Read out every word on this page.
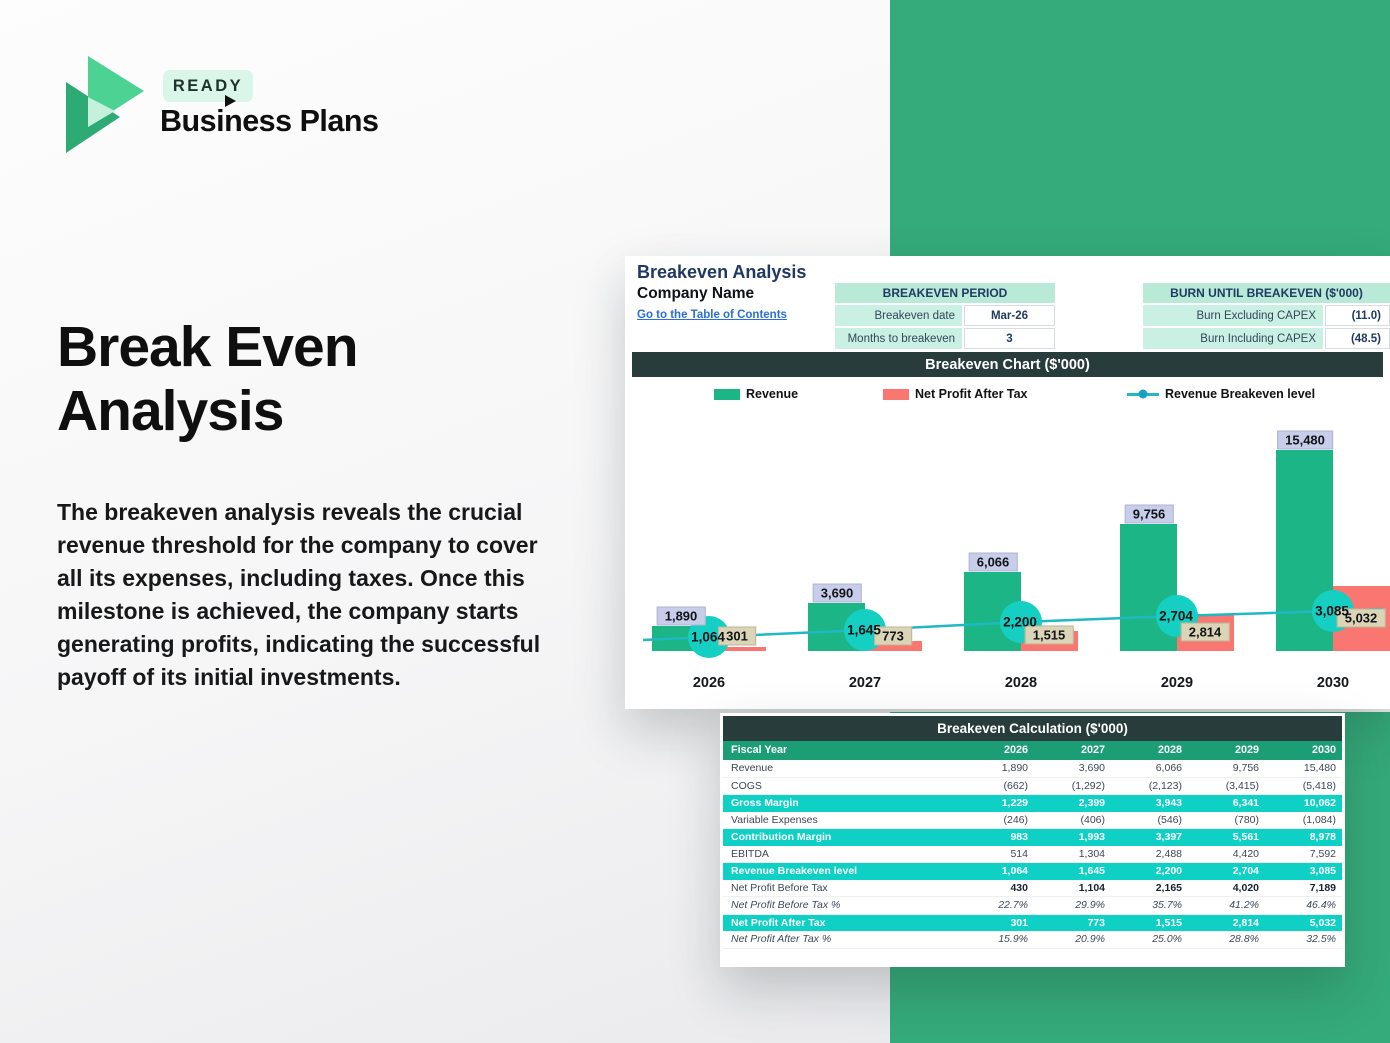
READY
Business Plans
Break Even
Analysis
The breakeven analysis reveals the crucial revenue threshold for the company to cover all its expenses, including taxes. Once this milestone is achieved, the company starts generating profits, indicating the successful payoff of its initial investments.
Breakeven Analysis
Company Name
Go to the Table of Contents
BREAKEVEN PERIOD
Breakeven date	Mar-26
Months to breakeven	3
BURN UNTIL BREAKEVEN ($'000)
Burn Excluding CAPEX	(11.0)
Burn Including CAPEX	(48.5)
Breakeven Chart ($'000)
Revenue	Net Profit After Tax	Revenue Breakeven level
1,890
301
1,064
2026
3,690
773
1,645
2027
6,066
1,515
2,200
2028
9,756
2,814
2,704
2029
15,480
5,032
3,085
2030
Breakeven Calculation ($'000)
Fiscal Year	2026	2027	2028	2029	2030
Revenue	1,890	3,690	6,066	9,756	15,480
COGS	(662)	(1,292)	(2,123)	(3,415)	(5,418)
Gross Margin	1,229	2,399	3,943	6,341	10,062
Variable Expenses	(246)	(406)	(546)	(780)	(1,084)
Contribution Margin	983	1,993	3,397	5,561	8,978
EBITDA	514	1,304	2,488	4,420	7,592
Revenue Breakeven level	1,064	1,645	2,200	2,704	3,085
Net Profit Before Tax	430	1,104	2,165	4,020	7,189
Net Profit Before Tax %	22.7%	29.9%	35.7%	41.2%	46.4%
Net Profit After Tax	301	773	1,515	2,814	5,032
Net Profit After Tax %	15.9%	20.9%	25.0%	28.8%	32.5%
